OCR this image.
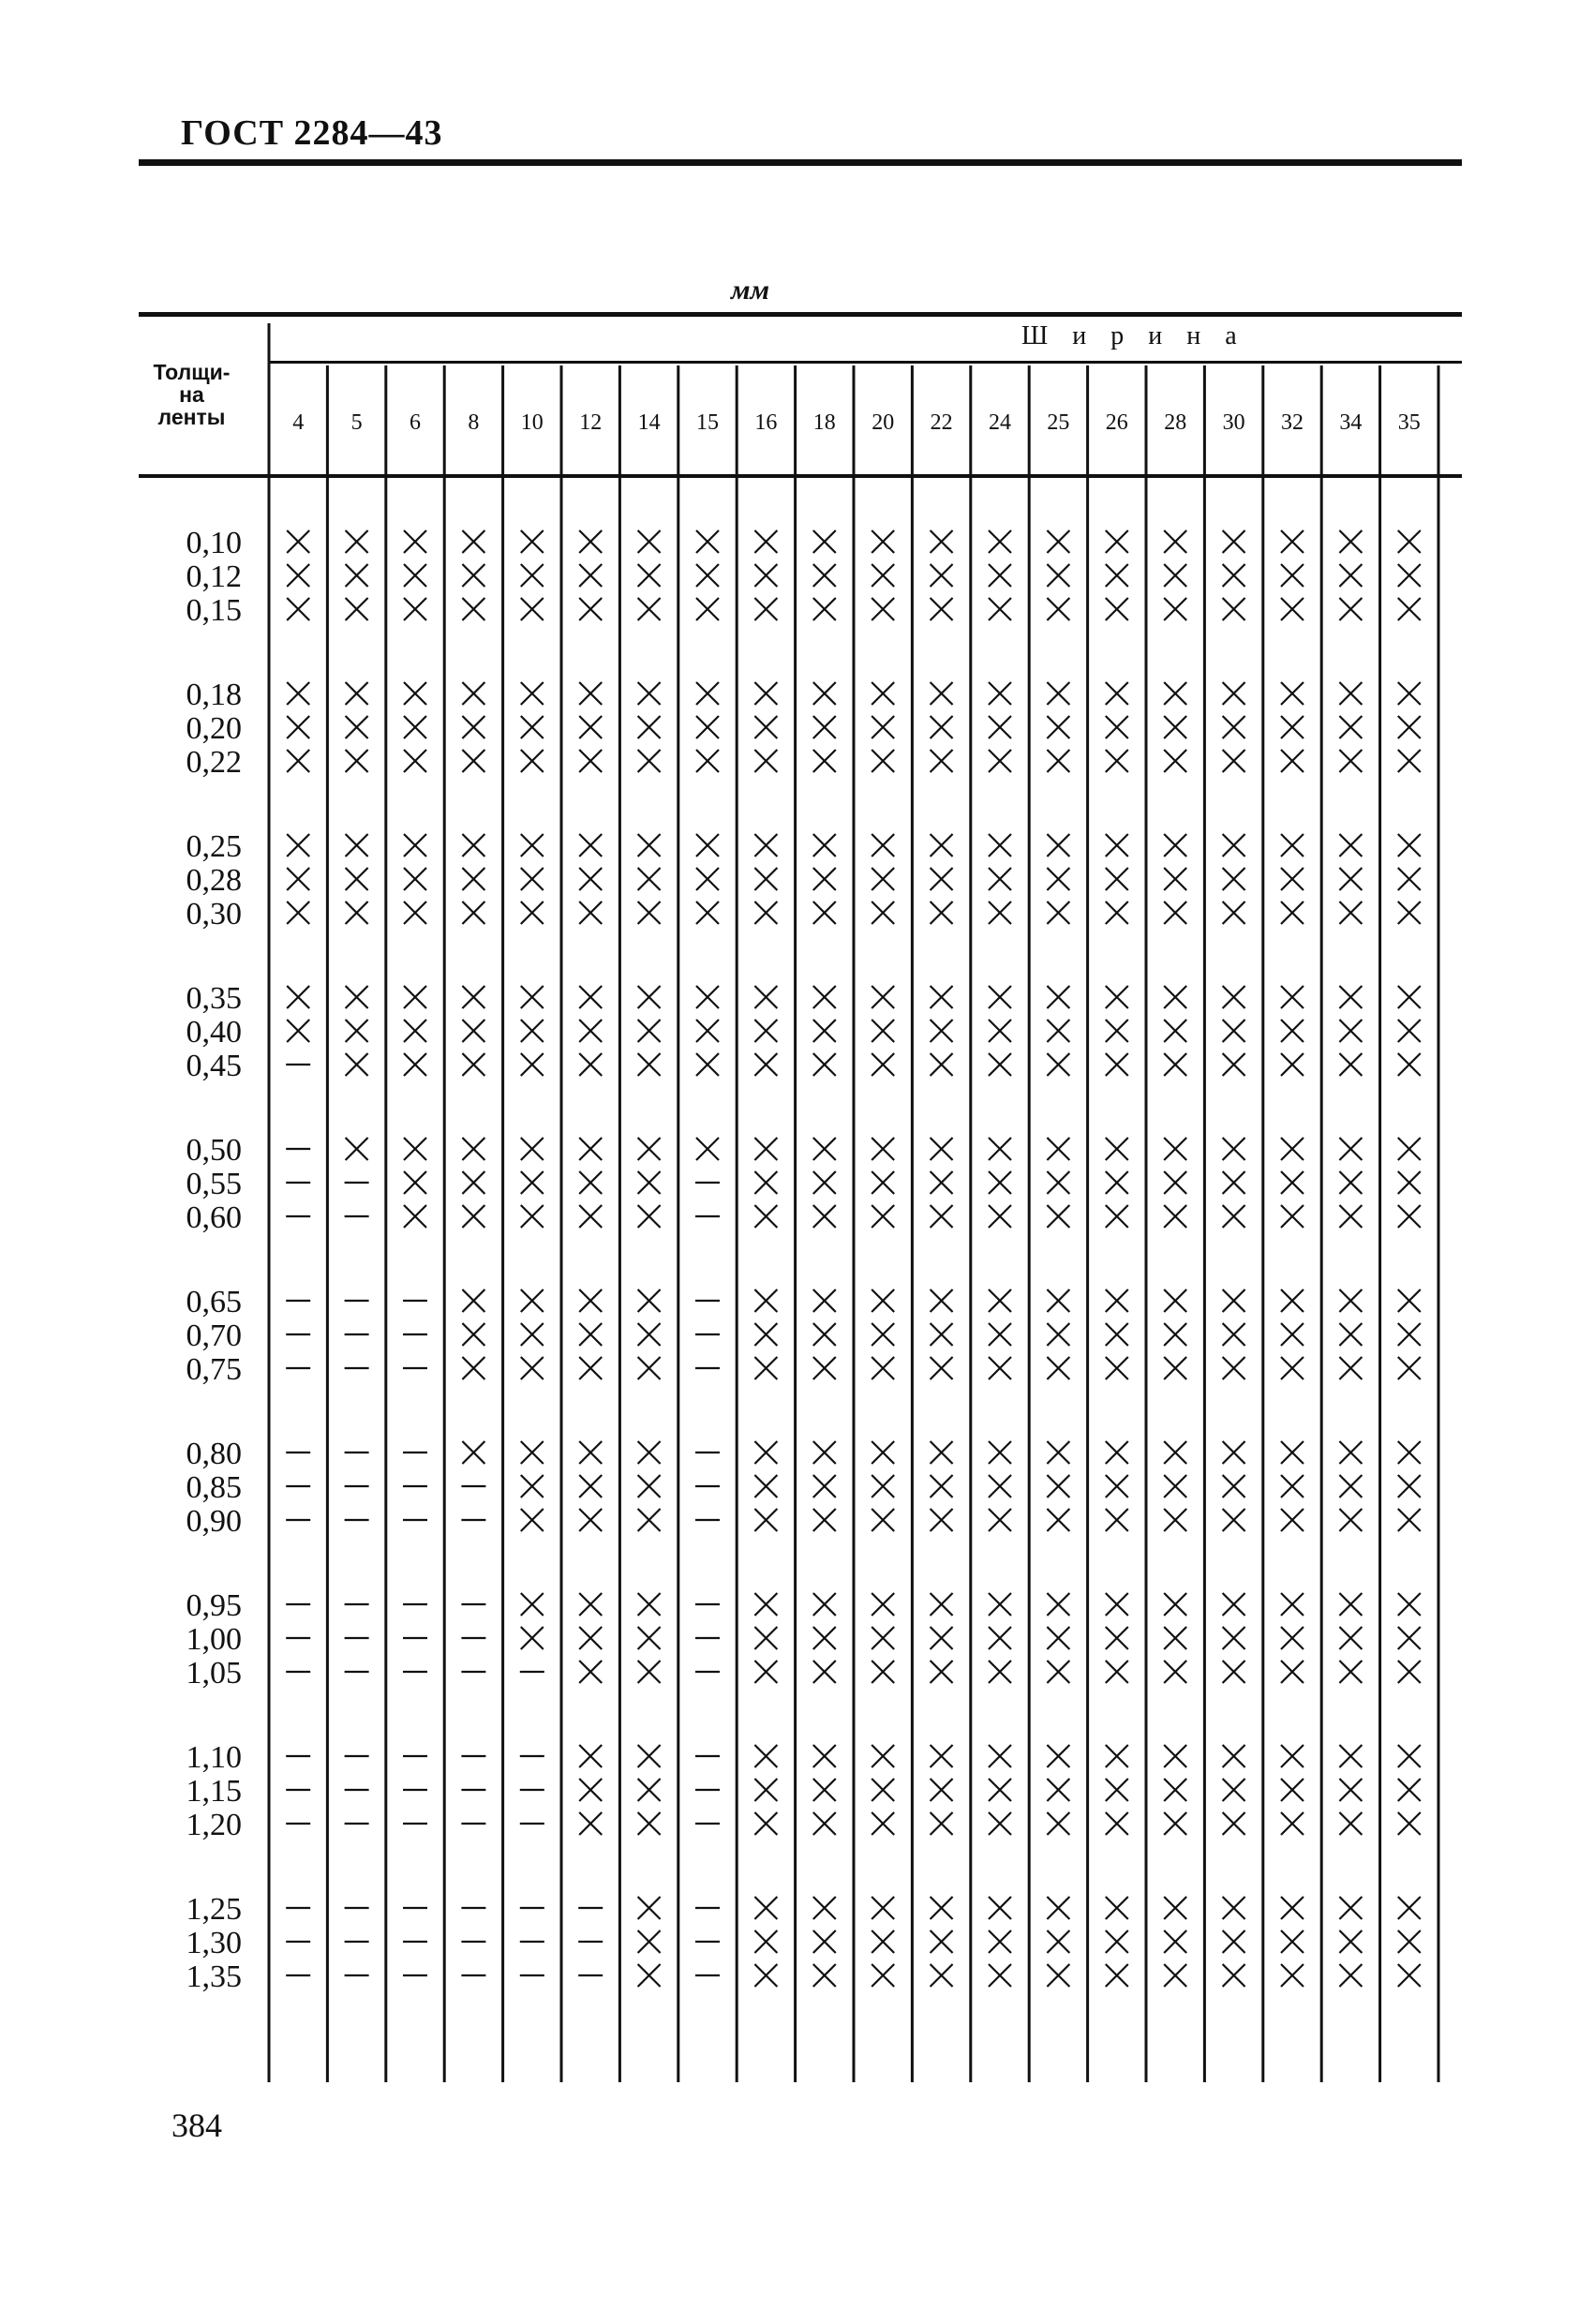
ГОСТ 2284—43
мм
Ширина
Толщи-
на
ленты	4 5 6 8 10 12 14 15 16 18 20 22 24 25 26 28 30 32 34 35
0,10
0,12
0,15
0,18
0,20
0,22
0,25
0,28
0,30
0,35
0,40
0,45
0,50
0,55
0,60
0,65
0,70
0,75
0,80
0,85
0,90
0,95
1,00
1,05
1,10
1,15
1,20
1,25
1,30
1,35
384
